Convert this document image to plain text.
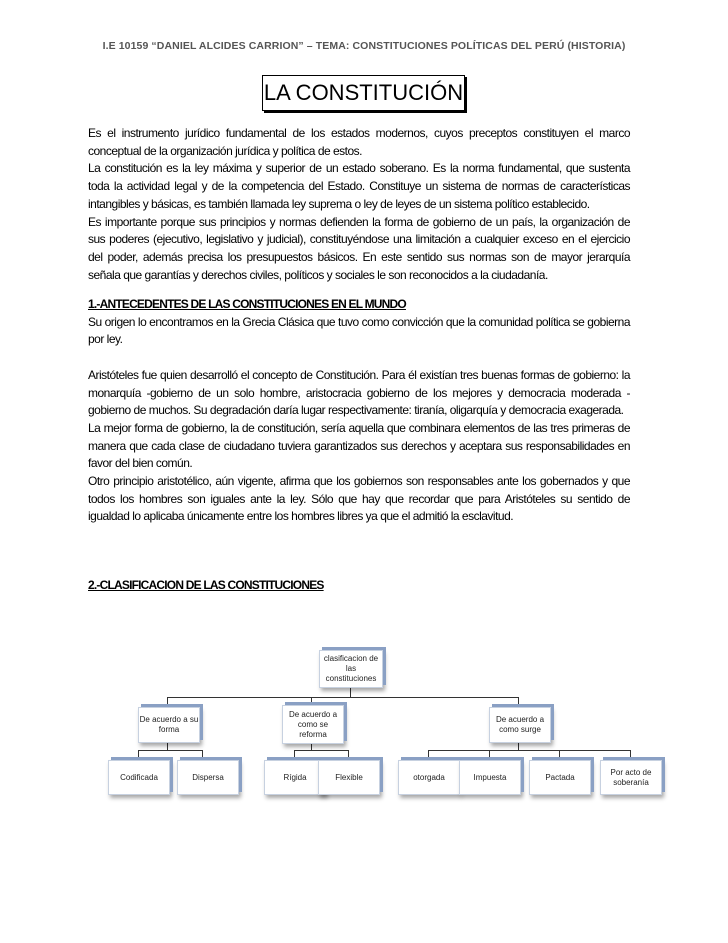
I.E 10159 “DANIEL ALCIDES CARRION” – TEMA: CONSTITUCIONES POLÍTICAS DEL PERÚ (HISTORIA)
LA CONSTITUCIÓN

Es el instrumento jurídico fundamental de los estados modernos, cuyos preceptos constituyen el marco conceptual de la organización jurídica y política de estos.

La constitución es la ley máxima y superior de un estado soberano. Es la norma fundamental, que sustenta toda la actividad legal y de la competencia del Estado. Constituye un sistema de normas de características intangibles y básicas, es también llamada ley suprema o ley de leyes de un sistema político establecido.

Es importante porque sus principios y normas defienden la forma de gobierno de un país, la organización de sus poderes (ejecutivo, legislativo y judicial), constituyéndose una limitación a cualquier exceso en el ejercicio del poder, además precisa los presupuestos básicos. En este sentido sus normas son de mayor jerarquía señala que garantías y derechos civiles, políticos y sociales le son reconocidos a la ciudadanía.

1.-ANTECEDENTES DE LAS CONSTITUCIONES EN EL MUNDO

Su origen lo encontramos en la Grecia Clásica que tuvo como convicción que la comunidad política se gobierna por ley.

Aristóteles fue quien desarrolló el concepto de Constitución. Para él existían tres buenas formas de gobierno: la monarquía -gobierno de un solo hombre, aristocracia gobierno de los mejores y democracia moderada -gobierno de muchos. Su degradación daría lugar respectivamente: tiranía, oligarquía y democracia exagerada.

La mejor forma de gobierno, la de constitución, sería aquella que combinara elementos de las tres primeras de manera que cada clase de ciudadano tuviera garantizados sus derechos y aceptara sus responsabilidades en favor del bien común.

Otro principio aristotélico, aún vigente, afirma que los gobiernos son responsables ante los gobernados y que todos los hombres son iguales ante la ley. Sólo que hay que recordar que para Aristóteles su sentido de igualdad lo aplicaba únicamente entre los hombres libres ya que el admitió la esclavitud.

2.-CLASIFICACION DE LAS CONSTITUCIONES
clasificacion de las constituciones
De acuerdo a su forma
De acuerdo a como se reforma
De acuerdo a como surge
Codificada	Dispersa	Rígida	Flexible	otorgada	Impuesta	Pactada
Por acto de soberanía
